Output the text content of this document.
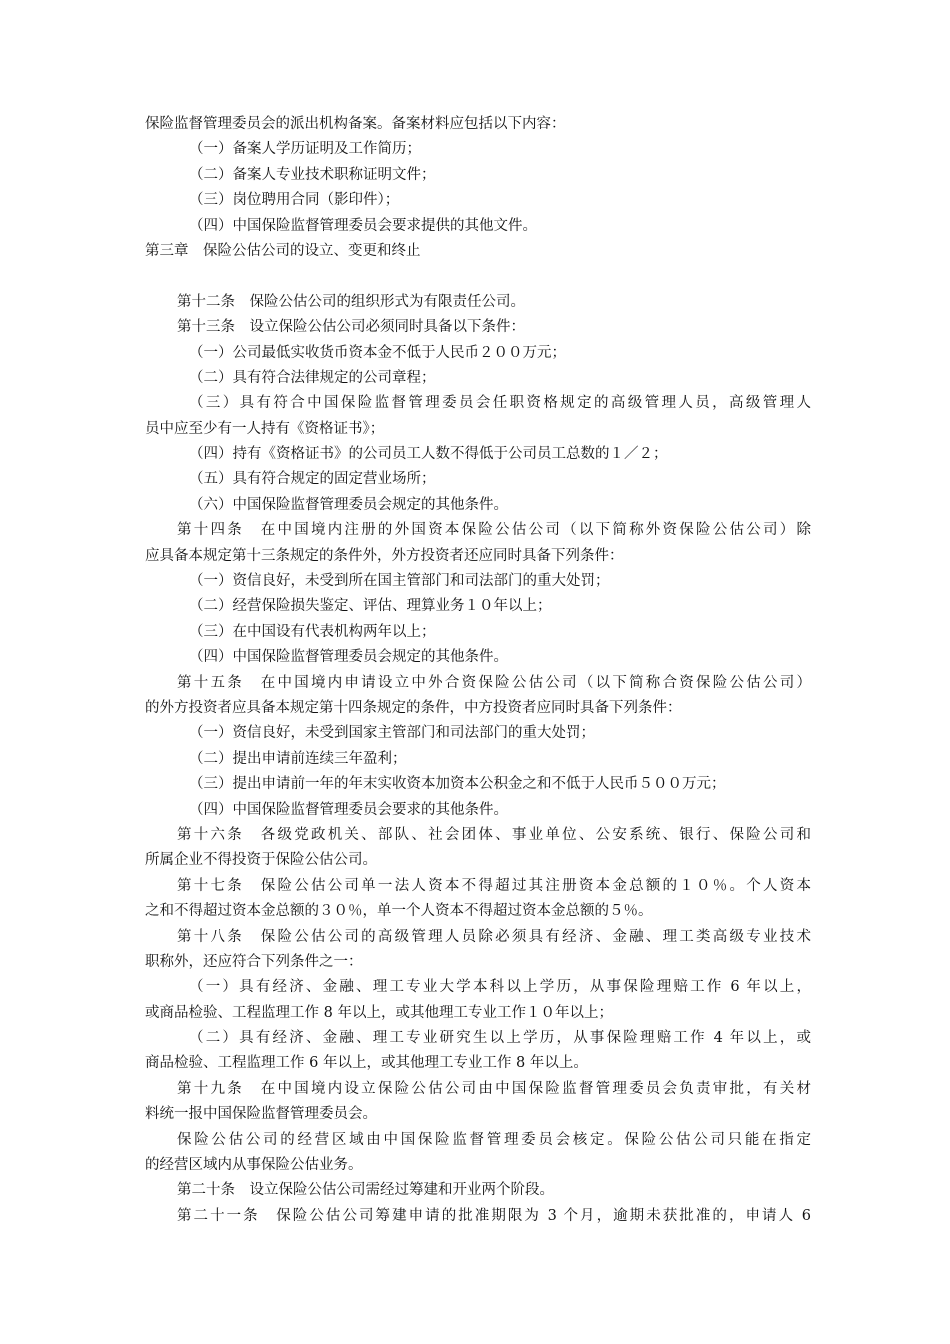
保险监督管理委员会的派出机构备案。备案材料应包括以下内容：
（一）备案人学历证明及工作简历；
（二）备案人专业技术职称证明文件；
（三）岗位聘用合同（影印件）；
（四）中国保险监督管理委员会要求提供的其他文件。
第三章　保险公估公司的设立、变更和终止
第十二条　保险公估公司的组织形式为有限责任公司。
第十三条　设立保险公估公司必须同时具备以下条件：
（一）公司最低实收货币资本金不低于人民币２００万元；
（二）具有符合法律规定的公司章程；
（三）具有符合中国保险监督管理委员会任职资格规定的高级管理人员，高级管理人
员中应至少有一人持有《资格证书》；
（四）持有《资格证书》的公司员工人数不得低于公司员工总数的１／２；
（五）具有符合规定的固定营业场所；
（六）中国保险监督管理委员会规定的其他条件。
第十四条　在中国境内注册的外国资本保险公估公司（以下简称外资保险公估公司）除
应具备本规定第十三条规定的条件外，外方投资者还应同时具备下列条件：
（一）资信良好，未受到所在国主管部门和司法部门的重大处罚；
（二）经营保险损失鉴定、评估、理算业务１０年以上；
（三）在中国设有代表机构两年以上；
（四）中国保险监督管理委员会规定的其他条件。
第十五条　在中国境内申请设立中外合资保险公估公司（以下简称合资保险公估公司）
的外方投资者应具备本规定第十四条规定的条件，中方投资者应同时具备下列条件：
（一）资信良好，未受到国家主管部门和司法部门的重大处罚；
（二）提出申请前连续三年盈利；
（三）提出申请前一年的年末实收资本加资本公积金之和不低于人民币５００万元；
（四）中国保险监督管理委员会要求的其他条件。
第十六条　各级党政机关、部队、社会团体、事业单位、公安系统、银行、保险公司和
所属企业不得投资于保险公估公司。
第十七条　保险公估公司单一法人资本不得超过其注册资本金总额的１０％。个人资本
之和不得超过资本金总额的３０％，单一个人资本不得超过资本金总额的５％。
第十八条　保险公估公司的高级管理人员除必须具有经济、金融、理工类高级专业技术
职称外，还应符合下列条件之一：
（一）具有经济、金融、理工专业大学本科以上学历，从事保险理赔工作 6 年以上，
或商品检验、工程监理工作 8 年以上，或其他理工专业工作１０年以上；
（二）具有经济、金融、理工专业研究生以上学历，从事保险理赔工作 4 年以上，或
商品检验、工程监理工作 6 年以上，或其他理工专业工作 8 年以上。
第十九条　在中国境内设立保险公估公司由中国保险监督管理委员会负责审批，有关材
料统一报中国保险监督管理委员会。
保险公估公司的经营区域由中国保险监督管理委员会核定。保险公估公司只能在指定
的经营区域内从事保险公估业务。
第二十条　设立保险公估公司需经过筹建和开业两个阶段。
第二十一条　保险公估公司筹建申请的批准期限为 3 个月，逾期未获批准的，申请人 6
